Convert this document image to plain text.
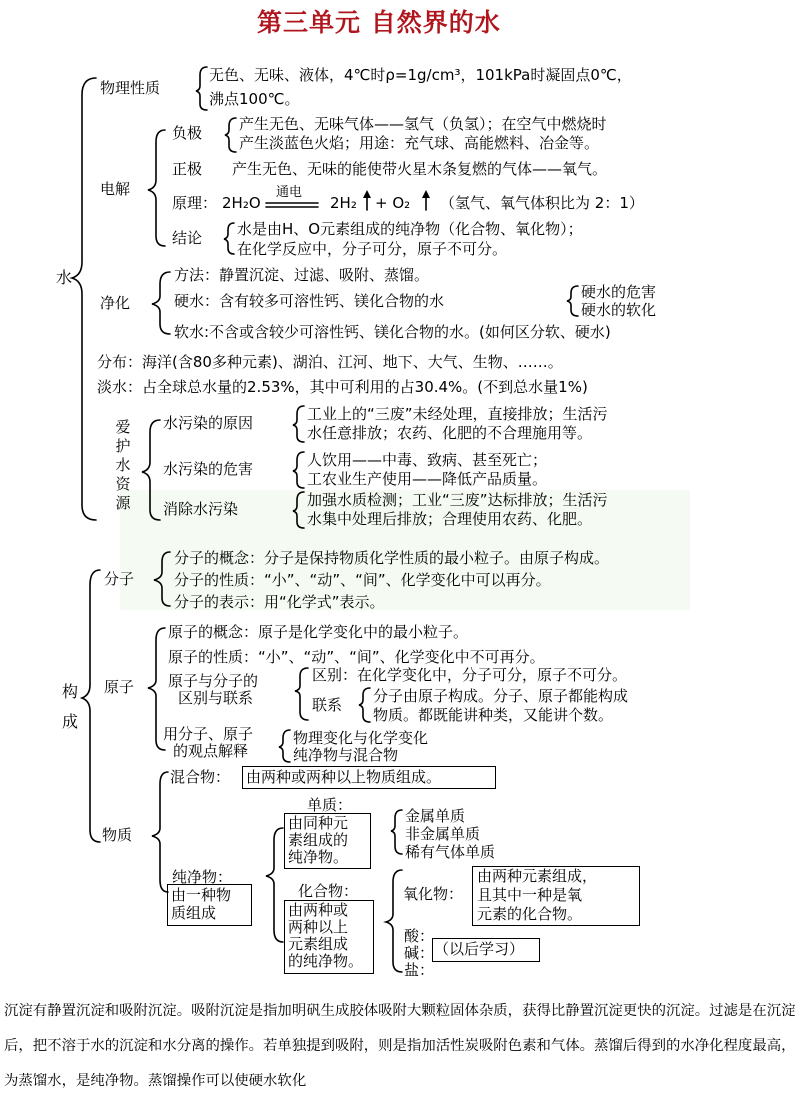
第三单元 自然界的水
水
物理性质
无色、无味、液体，4℃时ρ=1g/cm³，101kPa时凝固点0℃，
沸点100℃。
电解
负极 产生无色、无味气体——氢气（负氢）；在空气中燃烧时
产生淡蓝色火焰；用途：充气球、高能燃料、冶金等。
正极 产生无色、无味的能使带火星木条复燃的气体——氧气。
原理： 2H₂O
通电
2H₂ + O₂ （氢气、氧气体积比为 2：1）
结论 水是由H、O元素组成的纯净物（化合物、氧化物）；
在化学反应中，分子可分，原子不可分。
净化
方法：静置沉淀、过滤、吸附、蒸馏。
硬水：含有较多可溶性钙、镁化合物的水	硬水的危害
硬水的软化
软水:不含或含较少可溶性钙、镁化合物的水。(如何区分软、硬水)
分布：海洋(含80多种元素)、湖泊、江河、地下、大气、生物、……。
淡水：占全球总水量的2.53%，其中可利用的占30.4%。(不到总水量1%)
爱
护
水
资
源
水污染的原因	工业上的“三废”未经处理，直接排放；生活污
水任意排放；农药、化肥的不合理施用等。
水污染的危害	人饮用——中毒、致病、甚至死亡；
工农业生产使用——降低产品质量。
消除水污染	加强水质检测；工业“三废”达标排放；生活污
水集中处理后排放；合理使用农药、化肥。
构
成
分子
分子的概念：分子是保持物质化学性质的最小粒子。由原子构成。
分子的性质：“小”、“动”、“间”、化学变化中可以再分。
分子的表示：用“化学式”表示。
原子
原子的概念：原子是化学变化中的最小粒子。
原子的性质：“小”、“动”、“间”、化学变化中不可再分。
原子与分子的
区别与联系
区别：在化学变化中，分子可分，原子不可分。
联系 分子由原子构成。分子、原子都能构成
物质。都既能讲种类，又能讲个数。
用分子、原子
的观点解释
物理变化与化学变化
纯净物与混合物
物质
混合物： 由两种或两种以上物质组成。
纯净物：
由一种物
质组成
单质：
由同种元
素组成的
纯净物。
金属单质
非金属单质
稀有气体单质
化合物：
由两种或
两种以上
元素组成
的纯净物。
氧化物：
由两种元素组成，
且其中一种是氧
元素的化合物。
酸：
碱：
盐：
（以后学习）
沉淀有静置沉淀和吸附沉淀。吸附沉淀是指加明矾生成胶体吸附大颗粒固体杂质，获得比静置沉淀更快的沉淀。过滤是在沉淀后，把不溶于水的沉淀和水分离的操作。若单独提到吸附，则是指加活性炭吸附色素和气体。蒸馏后得到的水净化程度最高，为蒸馏水，是纯净物。蒸馏操作可以使硬水软化
